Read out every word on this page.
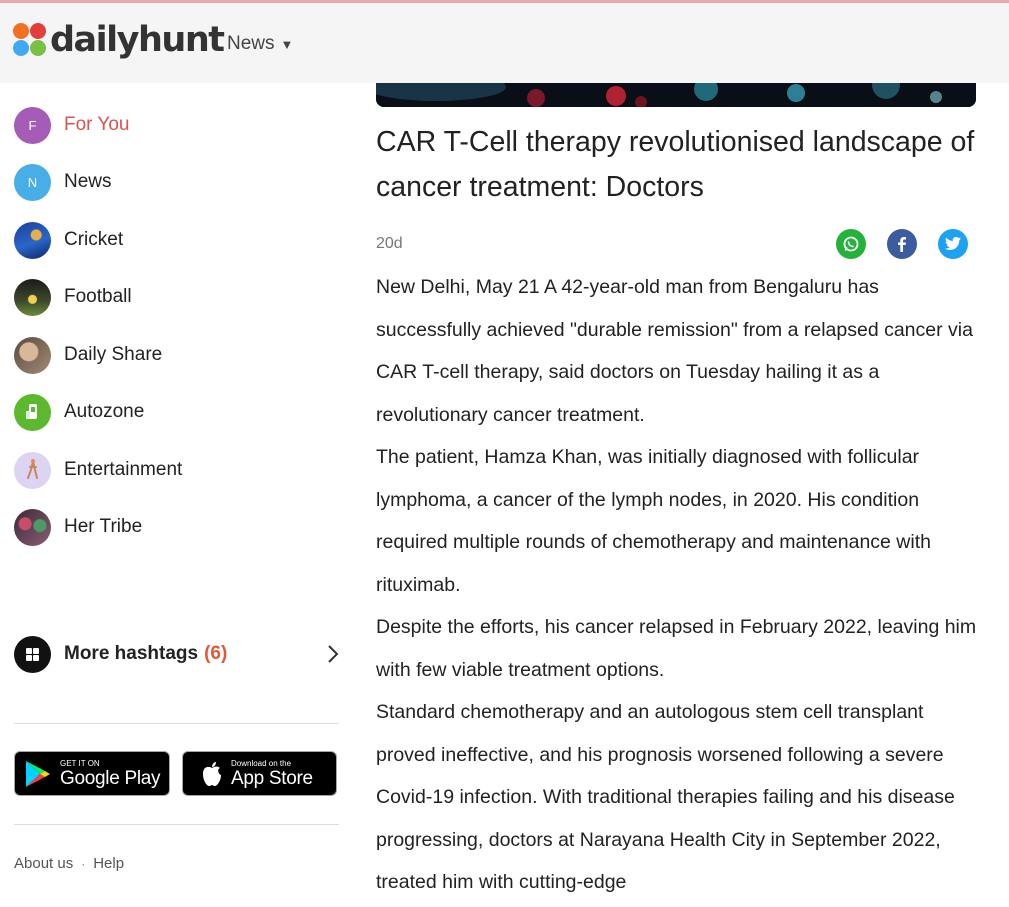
dailyhunt News ▼
F	For You
N	News
Cricket
Football
Daily Share
Autozone
Entertainment
Her Tribe
More hashtags (6)
GET IT ON
Google Play
Download on the
App Store
About us · Help
CAR T-Cell therapy revolutionised landscape of cancer treatment: Doctors
20d

New Delhi, May 21 A 42-year-old man from Bengaluru has successfully achieved "durable remission" from a relapsed cancer via CAR T-cell therapy, said doctors on Tuesday hailing it as a revolutionary cancer treatment.

The patient, Hamza Khan, was initially diagnosed with follicular lymphoma, a cancer of the lymph nodes, in 2020. His condition required multiple rounds of chemotherapy and maintenance with rituximab.

Despite the efforts, his cancer relapsed in February 2022, leaving him with few viable treatment options.

Standard chemotherapy and an autologous stem cell transplant proved ineffective, and his prognosis worsened following a severe Covid-19 infection. With traditional therapies failing and his disease progressing, doctors at Narayana Health City in September 2022, treated him with cutting-edge
